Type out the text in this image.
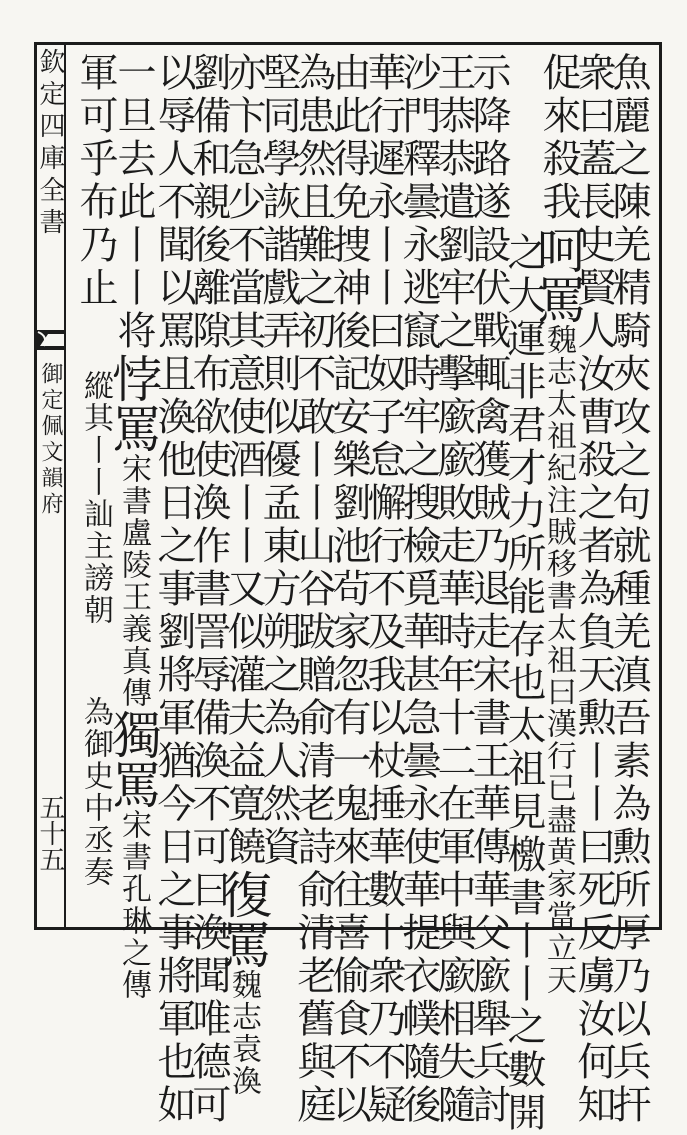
欽定四庫全書
御定佩文韻府
五十五	魚麗之陳羌精騎夾攻之句就種羌滇吾素為勲所厚乃以兵扞
衆曰蓋長史賢人汝曹殺之者為負天勲丨丨曰死反虜汝何知
促來殺我呵罵魏志太祖紀注賊移書太祖曰漢行已盡黄家當立天
之大運非君才力所能存也太祖見檄書丨丨之數開
示降路遂設伏戰輒禽獲賊乃退走宋書王華傳華父廞舉兵討
王恭恭遣劉牢之擊廞廞敗走華時年十二在軍中與廞相失隨
沙門釋曇永逃竄時牢之搜檢覓華甚急曇永使華提衣幞隨後
華行遲永丨丨曰奴子怠懈行不及我以杖捶華數十衆乃不疑
由此得免捜神後記安樂劉池茍家忽有一鬼來往喜偷食不以
為患然且難之初不敢丨丨山谷跋贈俞清老詩俞清老舊與庭
堅同學詼諧戲弄則似優孟東方朔之為人然資
亦卞急少不當其意使酒丨丨又似灌夫益寛饒復罵魏志袁渙
劉備和親後離隙布欲使渙作書詈辱備渙不可曰渙聞唯德可
以辱人不聞以罵且渙他日之事劉將軍猶今日之事將軍也如
一旦去此丨丨将悖罵宋書盧陵王義真傳獨罵宋書孔琳之傳
軍可乎布乃止縱其丨丨訕主謗朝為御史中丞奏
